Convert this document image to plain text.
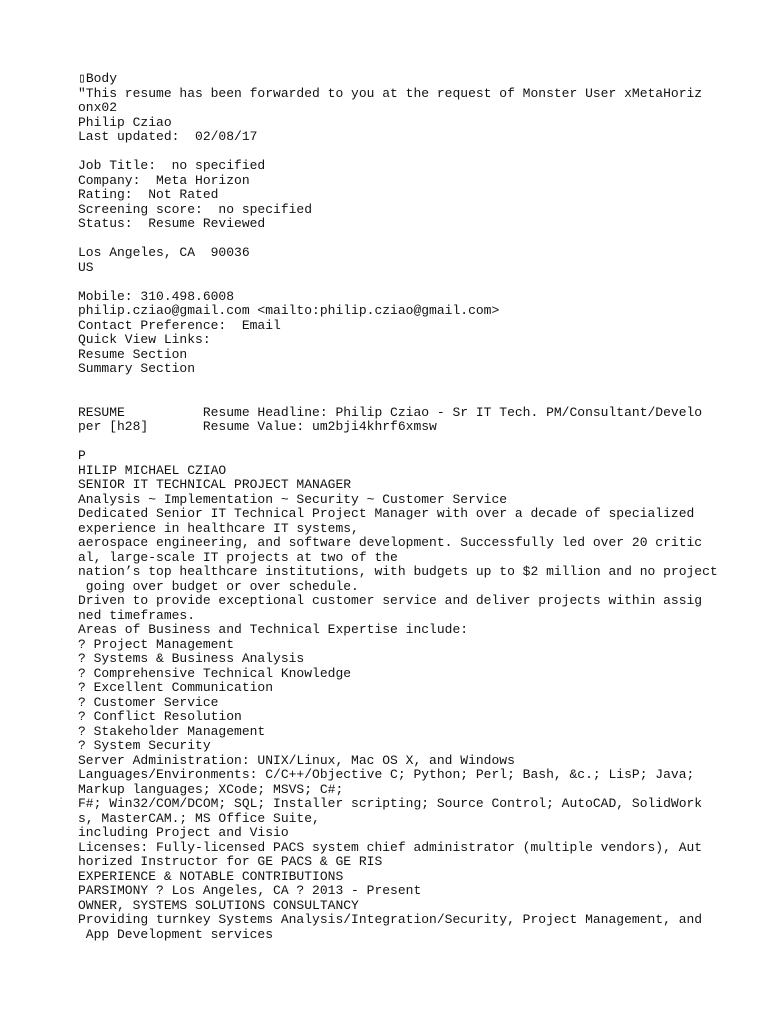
▯Body
"This resume has been forwarded to you at the request of Monster User xMetaHoriz
onx02
Philip Cziao
Last updated:  02/08/17
Job Title:  no specified
Company:  Meta Horizon
Rating:  Not Rated
Screening score:  no specified
Status:  Resume Reviewed
Los Angeles, CA  90036
US
Mobile: 310.498.6008
philip.cziao@gmail.com <mailto:philip.cziao@gmail.com>
Contact Preference:  Email
Quick View Links:
Resume Section
Summary Section
RESUME          Resume Headline: Philip Cziao - Sr IT Tech. PM/Consultant/Develo
per [h28]       Resume Value: um2bji4khrf6xmsw
P
HILIP MICHAEL CZIAO
SENIOR IT TECHNICAL PROJECT MANAGER
Analysis ~ Implementation ~ Security ~ Customer Service
Dedicated Senior IT Technical Project Manager with over a decade of specialized
experience in healthcare IT systems,
aerospace engineering, and software development. Successfully led over 20 critic
al, large-scale IT projects at two of the
nation’s top healthcare institutions, with budgets up to $2 million and no project
going over budget or over schedule.
Driven to provide exceptional customer service and deliver projects within assig
ned timeframes.
Areas of Business and Technical Expertise include:
? Project Management
? Systems & Business Analysis
? Comprehensive Technical Knowledge
? Excellent Communication
? Customer Service
? Conflict Resolution
? Stakeholder Management
? System Security
Server Administration: UNIX/Linux, Mac OS X, and Windows
Languages/Environments: C/C++/Objective C; Python; Perl; Bash, &c.; LisP; Java;
Markup languages; XCode; MSVS; C#;
F#; Win32/COM/DCOM; SQL; Installer scripting; Source Control; AutoCAD, SolidWork
s, MasterCAM.; MS Office Suite,
including Project and Visio
Licenses: Fully-licensed PACS system chief administrator (multiple vendors), Aut
horized Instructor for GE PACS & GE RIS
EXPERIENCE & NOTABLE CONTRIBUTIONS
PARSIMONY ? Los Angeles, CA ? 2013 - Present
OWNER, SYSTEMS SOLUTIONS CONSULTANCY
Providing turnkey Systems Analysis/Integration/Security, Project Management, and
App Development services
